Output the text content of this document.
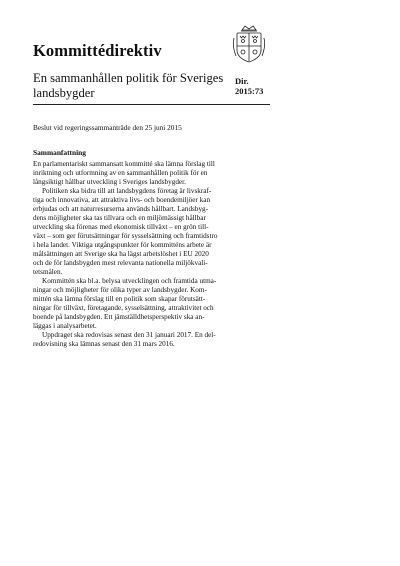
Kommittédirektiv
En sammanhållen politik för Sveriges
landsbygder
Dir.
2015:73
Beslut vid regeringssammanträde den 25 juni 2015
Sammanfattning
En parlamentariskt sammansatt kommitté ska lämna förslag till
inriktning och utformning av en sammanhållen politik för en
långsiktigt hållbar utveckling i Sveriges landsbygder.
Politiken ska bidra till att landsbygdens företag är livskraf-
tiga och innovativa, att attraktiva livs- och boendemiljöer kan
erbjudas och att naturresurserna används hållbart. Landsbyg-
dens möjligheter ska tas tillvara och en miljömässigt hållbar
utveckling ska förenas med ekonomisk tillväxt – en grön till-
växt – som ger förutsättningar för sysselsättning och framtidstro
i hela landet. Viktiga utgångspunkter för kommitténs arbete är
målsättningen att Sverige ska ha lägst arbetslöshet i EU 2020
och de för landsbygden mest relevanta nationella miljökvali-
tetsmålen.
Kommittén ska bl.a. belysa utvecklingen och framtida utma-
ningar och möjligheter för olika typer av landsbygder. Kom-
mittén ska lämna förslag till en politik som skapar förutsätt-
ningar för tillväxt, företagande, sysselsättning, attraktivitet och
boende på landsbygden. Ett jämställdhetsperspektiv ska an-
läggas i analysarbetet.
Uppdraget ska redovisas senast den 31 januari 2017. En del-
redovisning ska lämnas senast den 31 mars 2016.
